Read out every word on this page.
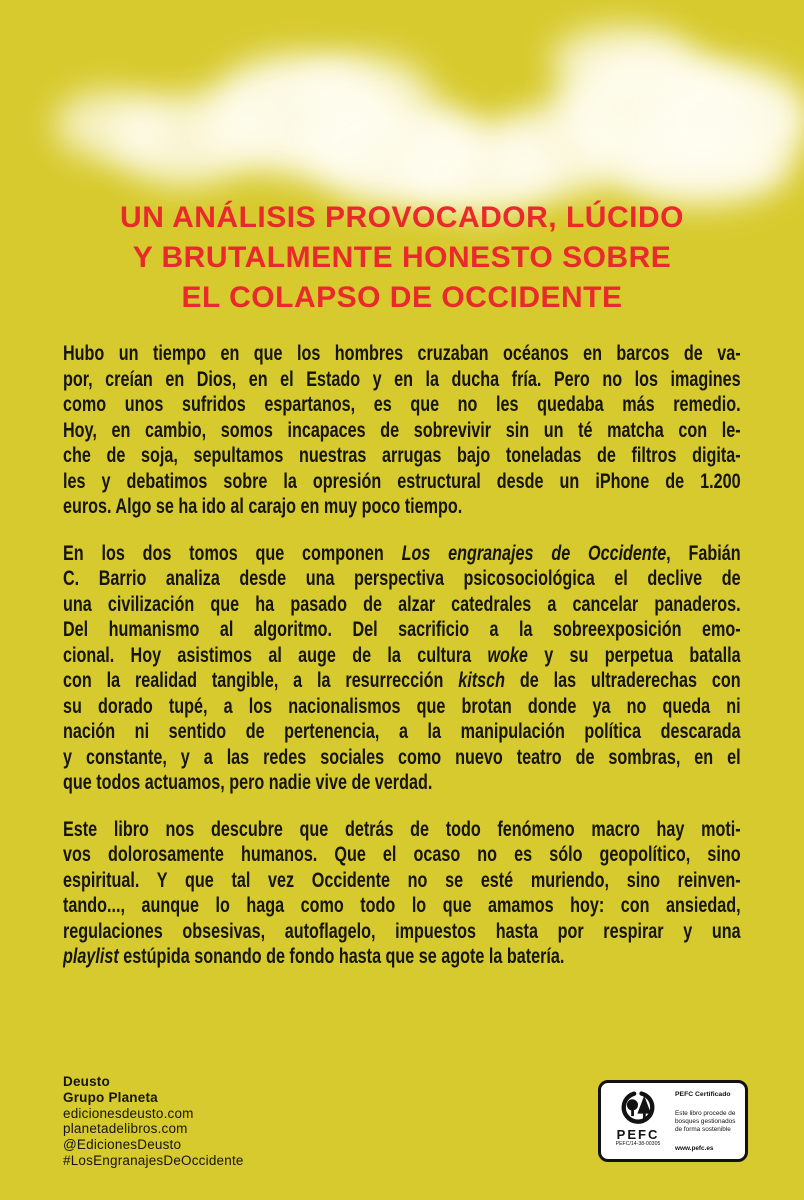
UN ANÁLISIS PROVOCADOR, LÚCIDO
Y BRUTALMENTE HONESTO SOBRE
EL COLAPSO DE OCCIDENTE
Hubo un tiempo en que los hombres cruzaban océanos en barcos de va-
por, creían en Dios, en el Estado y en la ducha fría. Pero no los imagines
como unos sufridos espartanos, es que no les quedaba más remedio.
Hoy, en cambio, somos incapaces de sobrevivir sin un té matcha con le-
che de soja, sepultamos nuestras arrugas bajo toneladas de filtros digita-
les y debatimos sobre la opresión estructural desde un iPhone de 1.200
euros. Algo se ha ido al carajo en muy poco tiempo.
En los dos tomos que componen Los engranajes de Occidente, Fabián
C. Barrio analiza desde una perspectiva psicosociológica el declive de
una civilización que ha pasado de alzar catedrales a cancelar panaderos.
Del humanismo al algoritmo. Del sacrificio a la sobreexposición emo-
cional. Hoy asistimos al auge de la cultura woke y su perpetua batalla
con la realidad tangible, a la resurrección kitsch de las ultraderechas con
su dorado tupé, a los nacionalismos que brotan donde ya no queda ni
nación ni sentido de pertenencia, a la manipulación política descarada
y constante, y a las redes sociales como nuevo teatro de sombras, en el
que todos actuamos, pero nadie vive de verdad.
Este libro nos descubre que detrás de todo fenómeno macro hay moti-
vos dolorosamente humanos. Que el ocaso no es sólo geopolítico, sino
espiritual. Y que tal vez Occidente no se esté muriendo, sino reinven-
tando..., aunque lo haga como todo lo que amamos hoy: con ansiedad,
regulaciones obsesivas, autoflagelo, impuestos hasta por respirar y una
playlist estúpida sonando de fondo hasta que se agote la batería.
Deusto
Grupo Planeta
edicionesdeusto.com
planetadelibros.com
@EdicionesDeusto
#LosEngranajesDeOccidente
PEFC
PEFC/14-38-00305
PEFC Certificado
Este libro procede de bosques gestionados de forma sostenible
www.pefc.es
